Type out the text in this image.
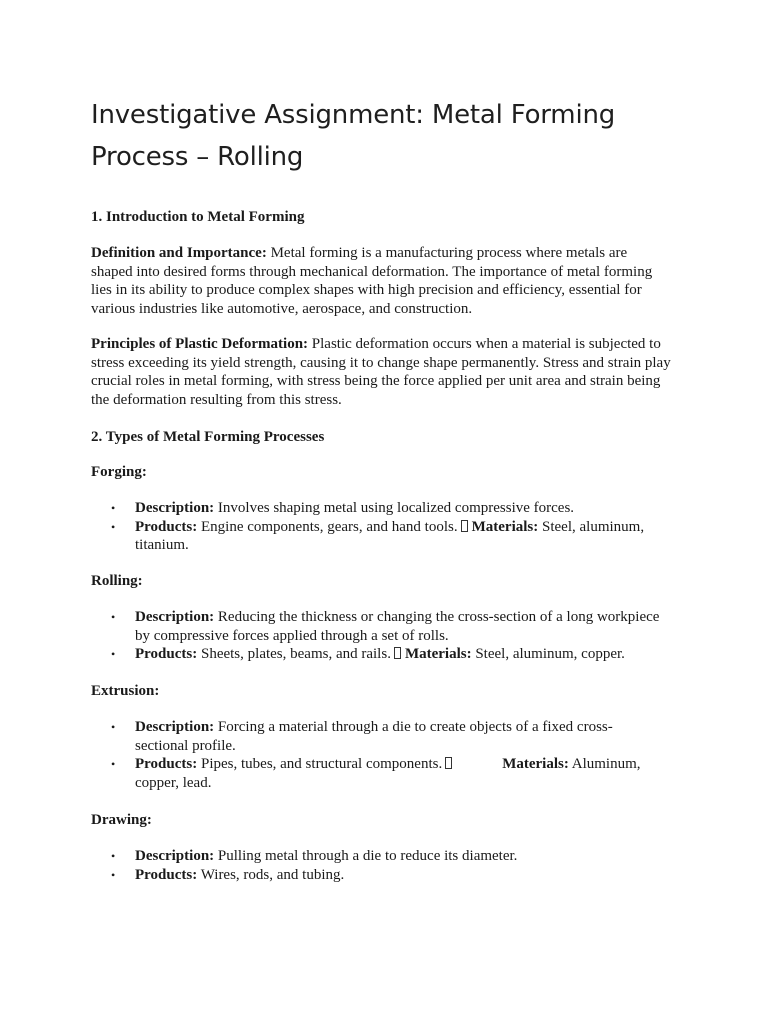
Investigative Assignment: Metal Forming Process – Rolling
1. Introduction to Metal Forming
Definition and Importance: Metal forming is a manufacturing process where metals are shaped into desired forms through mechanical deformation. The importance of metal forming lies in its ability to produce complex shapes with high precision and efficiency, essential for various industries like automotive, aerospace, and construction.
Principles of Plastic Deformation: Plastic deformation occurs when a material is subjected to stress exceeding its yield strength, causing it to change shape permanently. Stress and strain play crucial roles in metal forming, with stress being the force applied per unit area and strain being the deformation resulting from this stress.
2. Types of Metal Forming Processes
Forging:
• Description: Involves shaping metal using localized compressive forces.
• Products: Engine components, gears, and hand tools. Materials: Steel, aluminum, titanium.
Rolling:
• Description: Reducing the thickness or changing the cross-section of a long workpiece by compressive forces applied through a set of rolls.
• Products: Sheets, plates, beams, and rails. Materials: Steel, aluminum, copper.
Extrusion:
• Description: Forcing a material through a die to create objects of a fixed cross-sectional profile.
• Products: Pipes, tubes, and structural components.	Materials: Aluminum, copper, lead.
Drawing:
• Description: Pulling metal through a die to reduce its diameter.
• Products: Wires, rods, and tubing.
